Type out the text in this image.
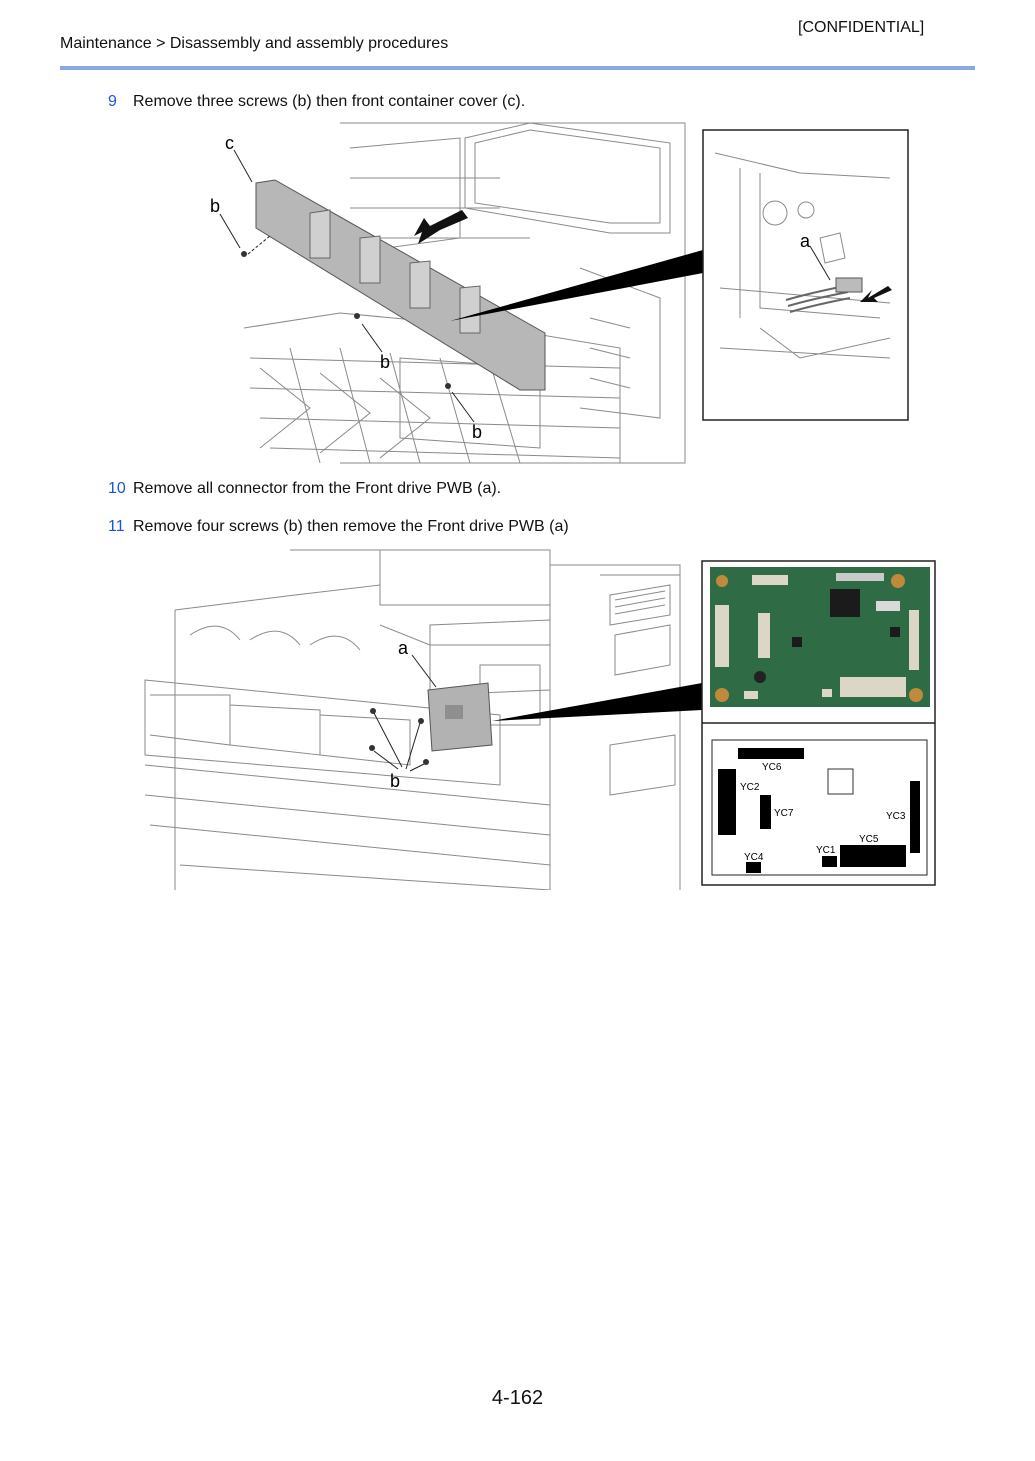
[CONFIDENTIAL]
Maintenance > Disassembly and assembly procedures
9 Remove three screws (b) then front container cover (c).
c
b
b
b
a
10 Remove all connector from the Front drive PWB (a).
11 Remove four screws (b) then remove the Front drive PWB (a)
a
b
YC6
YC2
YC7	YC3
YC5
YC1
YC4
4-162
